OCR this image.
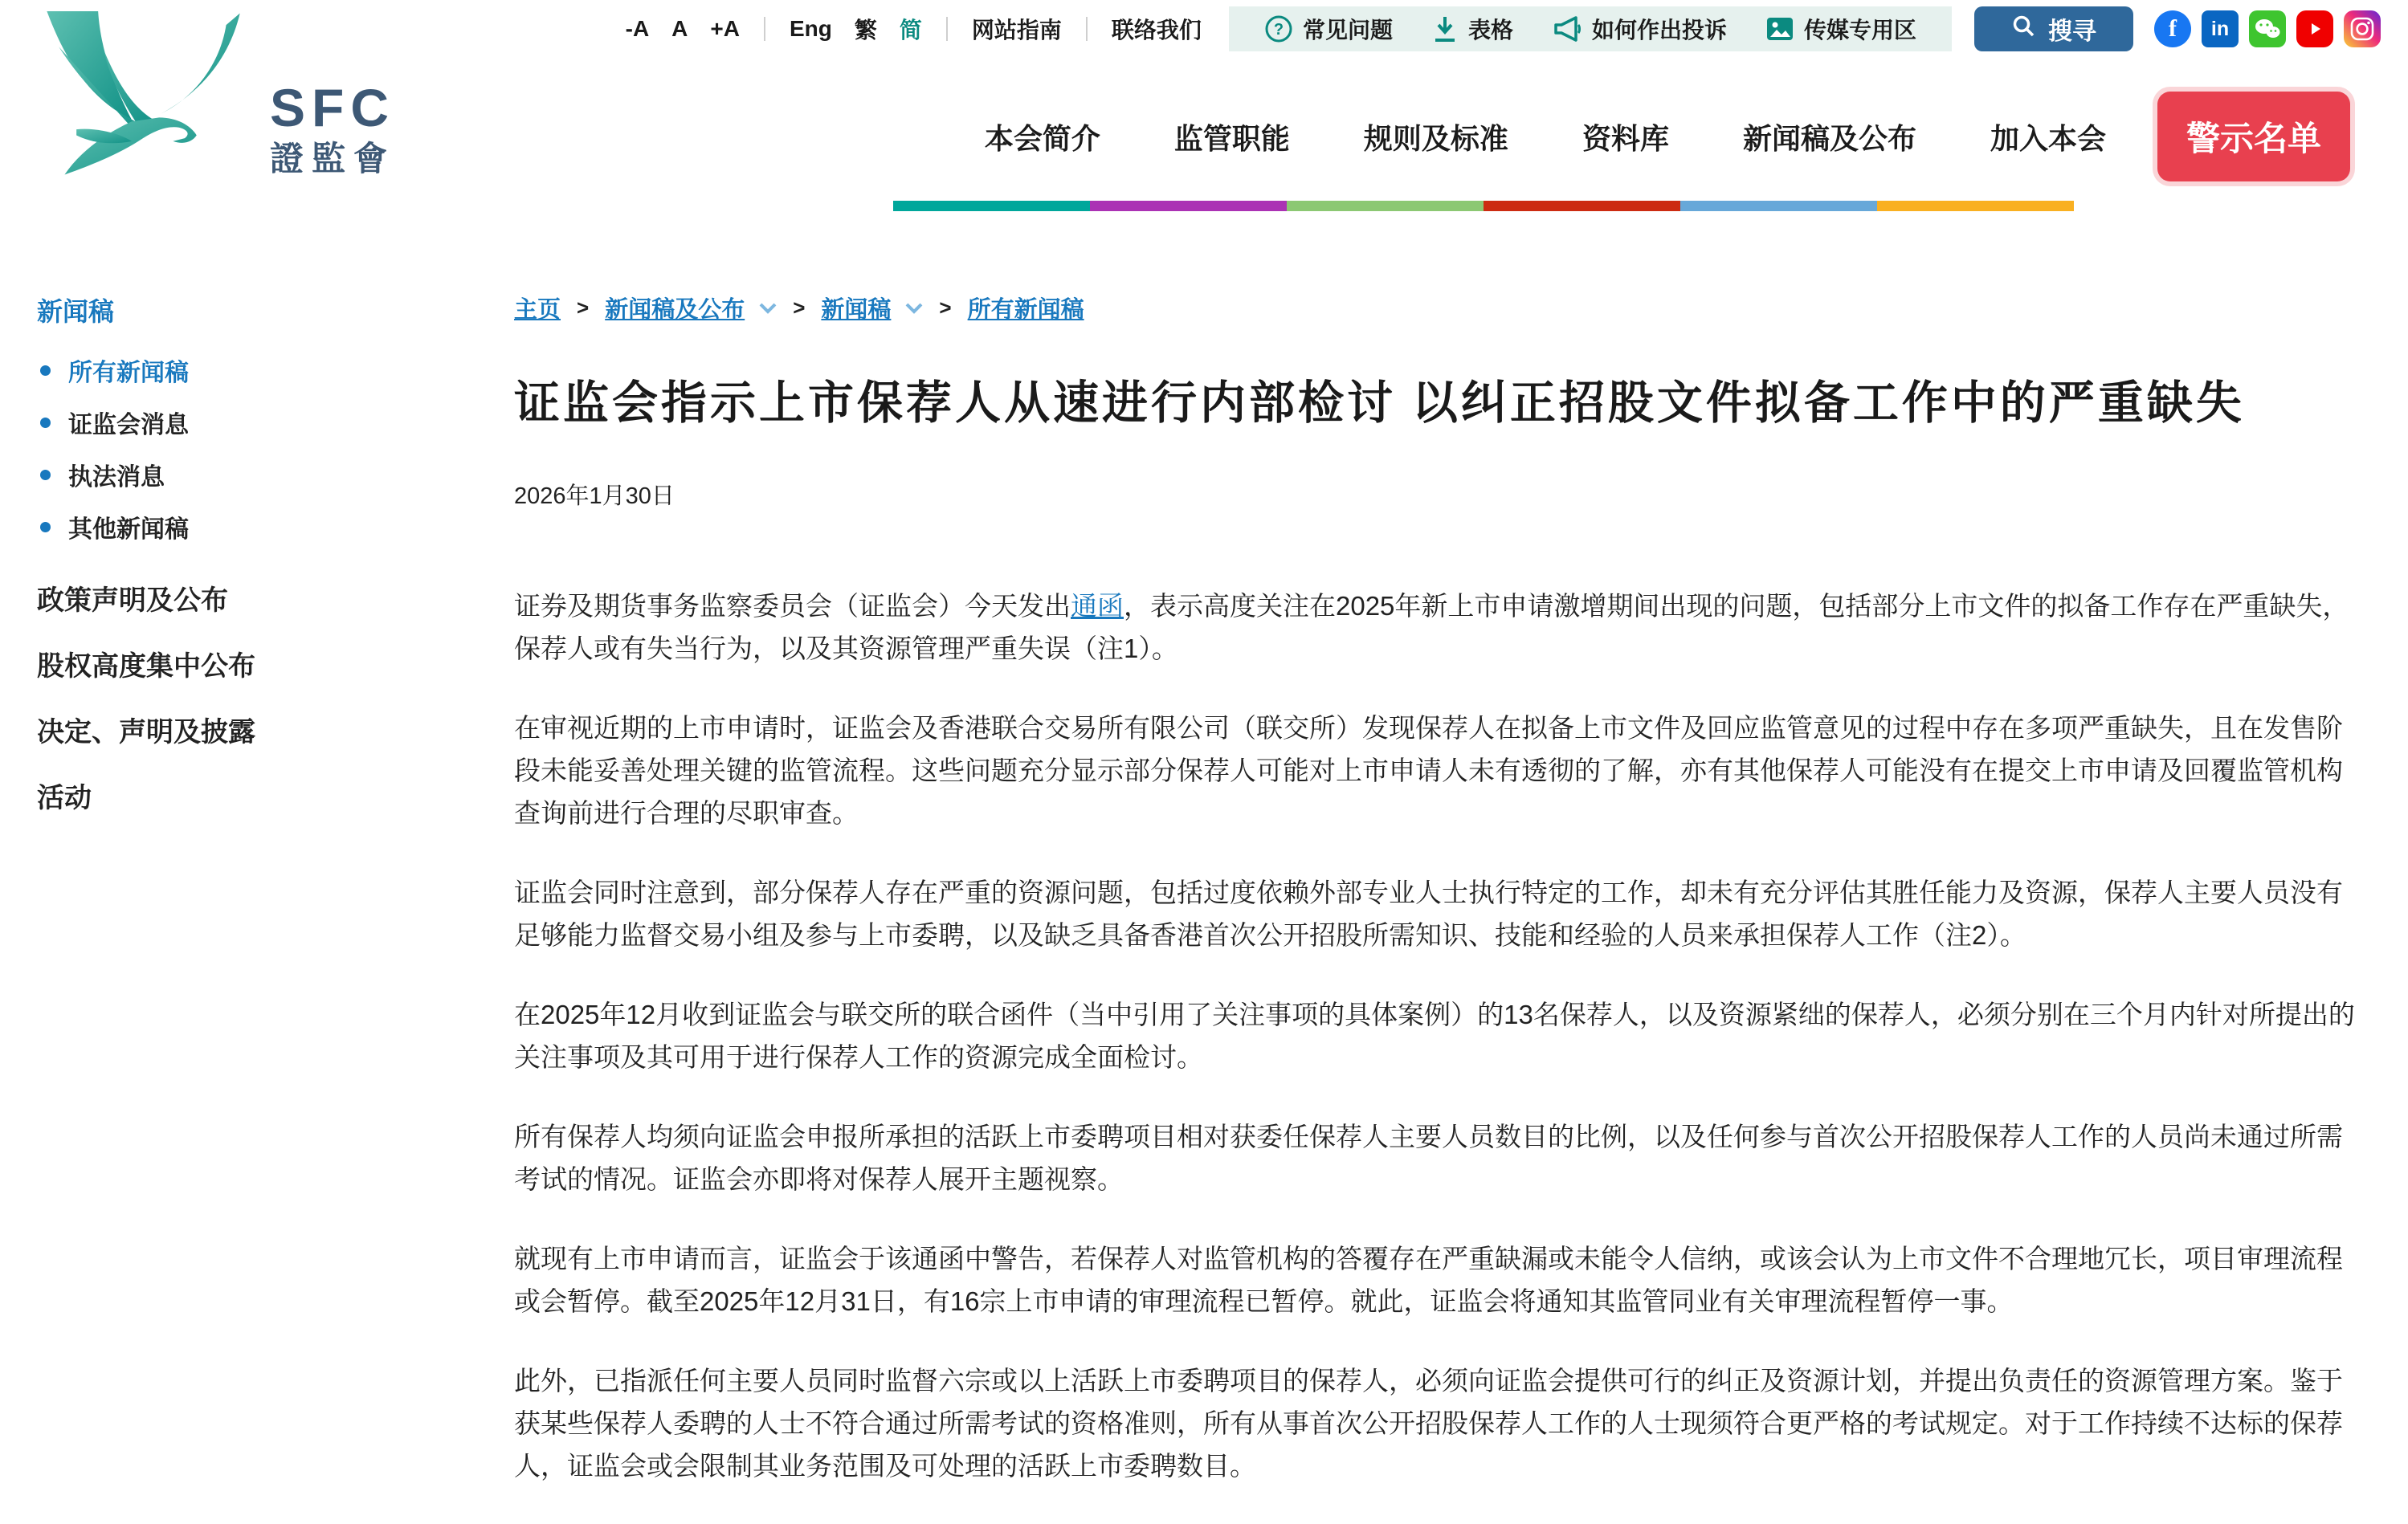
-A A +A Eng 繁 简 网站指南 联络我们	? 常见问题	表格	如何作出投诉	传媒专用区	搜寻	f	in
SFC
證監會
本会简介	监管职能	规则及标准	资料库	新闻稿及公布	加入本会	警示名单
新闻稿
所有新闻稿
证监会消息
执法消息
其他新闻稿
政策声明及公布
股权高度集中公布
决定、声明及披露
活动
主页 > 新闻稿及公布 > 新闻稿 > 所有新闻稿
证监会指示上市保荐人从速进行内部检讨 以纠正招股文件拟备工作中的严重缺失
2026年1月30日

证券及期货事务监察委员会（证监会）今天发出通函，表示高度关注在2025年新上市申请激增期间出现的问题，包括部分上市文件的拟备工作存在严重缺失，保荐人或有失当行为，以及其资源管理严重失误（注1）。

在审视近期的上市申请时，证监会及香港联合交易所有限公司（联交所）发现保荐人在拟备上市文件及回应监管意见的过程中存在多项严重缺失，且在发售阶段未能妥善处理关键的监管流程。这些问题充分显示部分保荐人可能对上市申请人未有透彻的了解，亦有其他保荐人可能没有在提交上市申请及回覆监管机构查询前进行合理的尽职审查。

证监会同时注意到，部分保荐人存在严重的资源问题，包括过度依赖外部专业人士执行特定的工作，却未有充分评估其胜任能力及资源，保荐人主要人员没有足够能力监督交易小组及参与上市委聘，以及缺乏具备香港首次公开招股所需知识、技能和经验的人员来承担保荐人工作（注2）。

在2025年12月收到证监会与联交所的联合函件（当中引用了关注事项的具体案例）的13名保荐人，以及资源紧绌的保荐人，必须分别在三个月内针对所提出的关注事项及其可用于进行保荐人工作的资源完成全面检讨。

所有保荐人均须向证监会申报所承担的活跃上市委聘项目相对获委任保荐人主要人员数目的比例，以及任何参与首次公开招股保荐人工作的人员尚未通过所需考试的情况。证监会亦即将对保荐人展开主题视察。

就现有上市申请而言，证监会于该通函中警告，若保荐人对监管机构的答覆存在严重缺漏或未能令人信纳，或该会认为上市文件不合理地冗长，项目审理流程或会暂停。截至2025年12月31日，有16宗上市申请的审理流程已暂停。就此，证监会将通知其监管同业有关审理流程暂停一事。

此外，已指派任何主要人员同时监督六宗或以上活跃上市委聘项目的保荐人，必须向证监会提供可行的纠正及资源计划，并提出负责任的资源管理方案。鉴于获某些保荐人委聘的人士不符合通过所需考试的资格准则，所有从事首次公开招股保荐人工作的人士现须符合更严格的考试规定。对于工作持续不达标的保荐人，证监会或会限制其业务范围及可处理的活跃上市委聘数目。
